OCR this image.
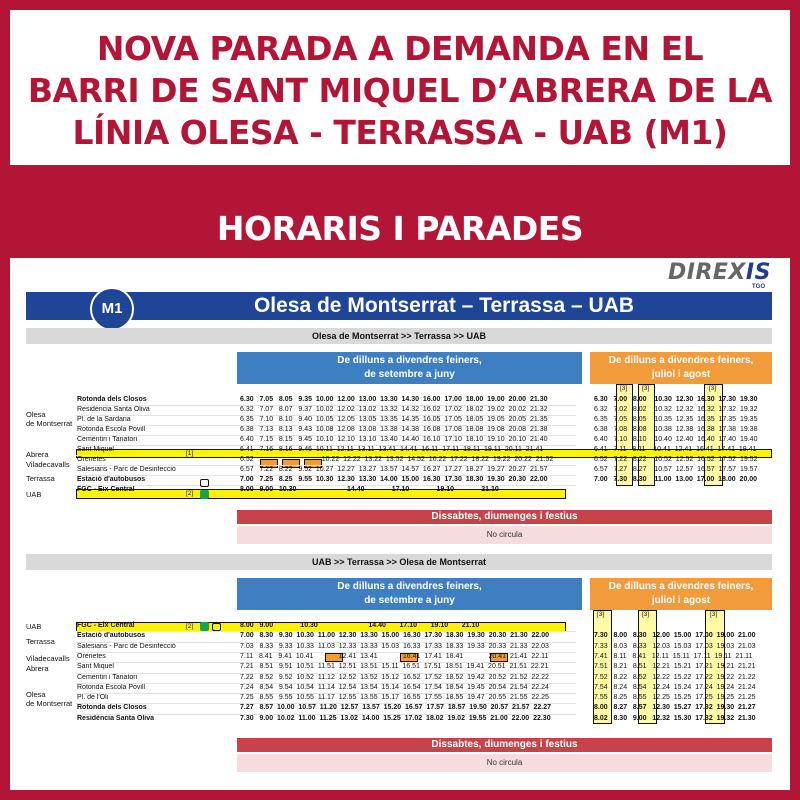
NOVA PARADA A DEMANDA EN EL
BARRI DE SANT MIQUEL D’ABRERA DE LA
LÍNIA OLESA - TERRASSA - UAB (M1)
HORARIS I PARADES
DIREXIS
TGO
Olesa de Montserrat – Terrassa – UAB
M1
Olesa de Montserrat >> Terrassa >> UAB
De dilluns a divendres feiners,
de setembre a juny
De dilluns a divendres feiners,
juliol i agost
[3] [3]	[3]
Olesa
de Montserrat
Abrera
Viladecavalls
Terrassa
UAB
Rotonda dels Closos	6.30   7.05   8.05   9.35  10.00  12.00  13.00  13.30  14.30  16.00  17.00  18.00  19.00  20.00  21.30	6.30   7.00   8.00    10.30  12.30  16.30  17.30  19.30
Residència Santa Oliva	6.32   7.07   8.07   9.37  10.02  12.02  13.02  13.32  14.32  16.02  17.02  18.02  19.02  20.02  21.32	6.32   7.02   8.02    10.32  12.32  16.32  17.32  19.32
Pl. de la Sardana	6.35   7.10   8.10   9.40  10.05  12.05  13.05  13.35  14.35  16.05  17.05  18.05  19.05  20.05  21.35	6.35   7.05   8.05    10.35  12.35  16.35  17.35  19.35
Rotonda Escola Povill	6.38   7.13   8.13   9.43  10.08  12.08  13.08  13.38  14.38  16.08  17.08  18.08  19.08  20.08  21.38	6.38   7.08   8.08    10.38  12.38  16.38  17.38  19.38
Cementiri i Tanatori	6.40   7.15   8.15   9.45  10.10  12.10  13.10  13.40  14.40  16.10  17.10  18.10  19.10  20.10  21.40	6.40   7.10   8.10    10.40  12.40  16.40  17.40  19.40
Sant Miquel	6.41   7.16   8.16   9.46  10.11  12.11  13.11  13.41  14.41  16.11  17.11  18.11  19.11  20.11  21.41	6.41   7.11   8.11    10.41  12.41  16.41  17.41  19.41
Orenetes	6.52                                   10.22  12.22  13.22  13.52  14.52  16.22  17.22  18.22  19.22  20.22  21.52	6.52   7.22   8.22    10.52  12.52  16.52  17.52  19.52
Salesians - Parc de Desinfecció	6.57   7.22   8.22   9.52  10.27  12.27  13.27  13.57  14.57  16.27  17.27  18.27  19.27  20.27  21.57	6.57   7.27   8.27    10.57  12.57  16.57  17.57  19.57
Estació d'autobusos	7.00   7.25   8.25   9.55  10.30  12.30  13.30  14.00  15.00  16.30  17.30  18.30  19.30  20.30  22.00	7.00   7.30   8.30    11.00  13.00  17.00  18.00  20.00
FGC - Eix Central	8.00   9.00   10.30                          14.40              17.10              19.10              21.10
[1]
[2]
Dissabtes, diumenges i festius
No circula
UAB >> Terrassa >> Olesa de Montserrat
De dilluns a divendres feiners,
de setembre a juny
De dilluns a divendres feiners,
juliol i agost
[3]	[3]	[3]
UAB
Terrassa
Viladecavalls
Abrera
Olesa
de Montserrat
FGC - Eix Central	8.00   9.00              10.30                          14.40       17.10       19.10       21.10
Estació d'autobusos	7.00   8.30   9.30  10.30  11.00  12.30  13.30  15.00  16.30  17.30  18.30  19.30  20.30  21.30  22.00	7.30   8.00   8.30   12.00  15.00  17.00  19.00  21.00
Salesians - Parc de Desinfecció	7.03   8.33   9.33  10.33  11.03  12.33  13.33  15.03  16.33  17.33  18.33  19.33  20.33  21.33  22.03	7.33   8.03   8.33   12.03  15.03  17.03  19.03  21.03
Orenetes	7.11   8.41   9.41  10.41             12.41  13.41             16.41  17.41  18.41             20.41  21.41  22.11	7.41   8.11   8.41   12.11  15.11  17.11  19.11  21.11
Sant Miquel	7.21   8.51   9.51  10.51  11.51  12.51  13.51  15.11  16.51  17.51  18.51  19.41  20.51  21.51  22.21	7.51   8.21   8.51   12.21  15.21  17.21  19.21  21.21
Cementiri i Tanatori	7.22   8.52   9.52  10.52  11.12  12.52  13.52  15.12  16.52  17.52  18.52  19.42  20.52  21.52  22.22	7.52   8.22   8.52   12.22  15.22  17.22  19.22  21.22
Rotonda Escola Povill	7.24   8.54   9.54  10.54  11.14  12.54  13.54  15.14  16.54  17.54  18.54  19.45  20.54  21.54  22.24	7.54   8.24   8.54   12.24  15.24  17.24  19.24  21.24
Pl. de l'Oli	7.25   8.55   9.55  10.55  11.17  12.55  13.55  15.17  16.55  17.55  18.55  19.47  20.55  21.55  22.25	7.55   8.25   8.55   12.25  15.25  17.25  19.25  21.25
Rotonda dels Closos	7.27   8.57  10.00  10.57  11.20  12.57  13.57  15.20  16.57  17.57  18.57  19.50  20.57  21.57  22.27	8.00   8.27   8.57   12.30  15.27  17.32  19.30  21.27
Residència Santa Oliva	7.30   9.00  10.02  11.00  11.25  13.02  14.00  15.25  17.02  18.02  19.02  19.55  21.00  22.00  22.30	8.02   8.30   9.00   12.32  15.30  17.32  19.32  21.30
[2]
Dissabtes, diumenges i festius
No circula
